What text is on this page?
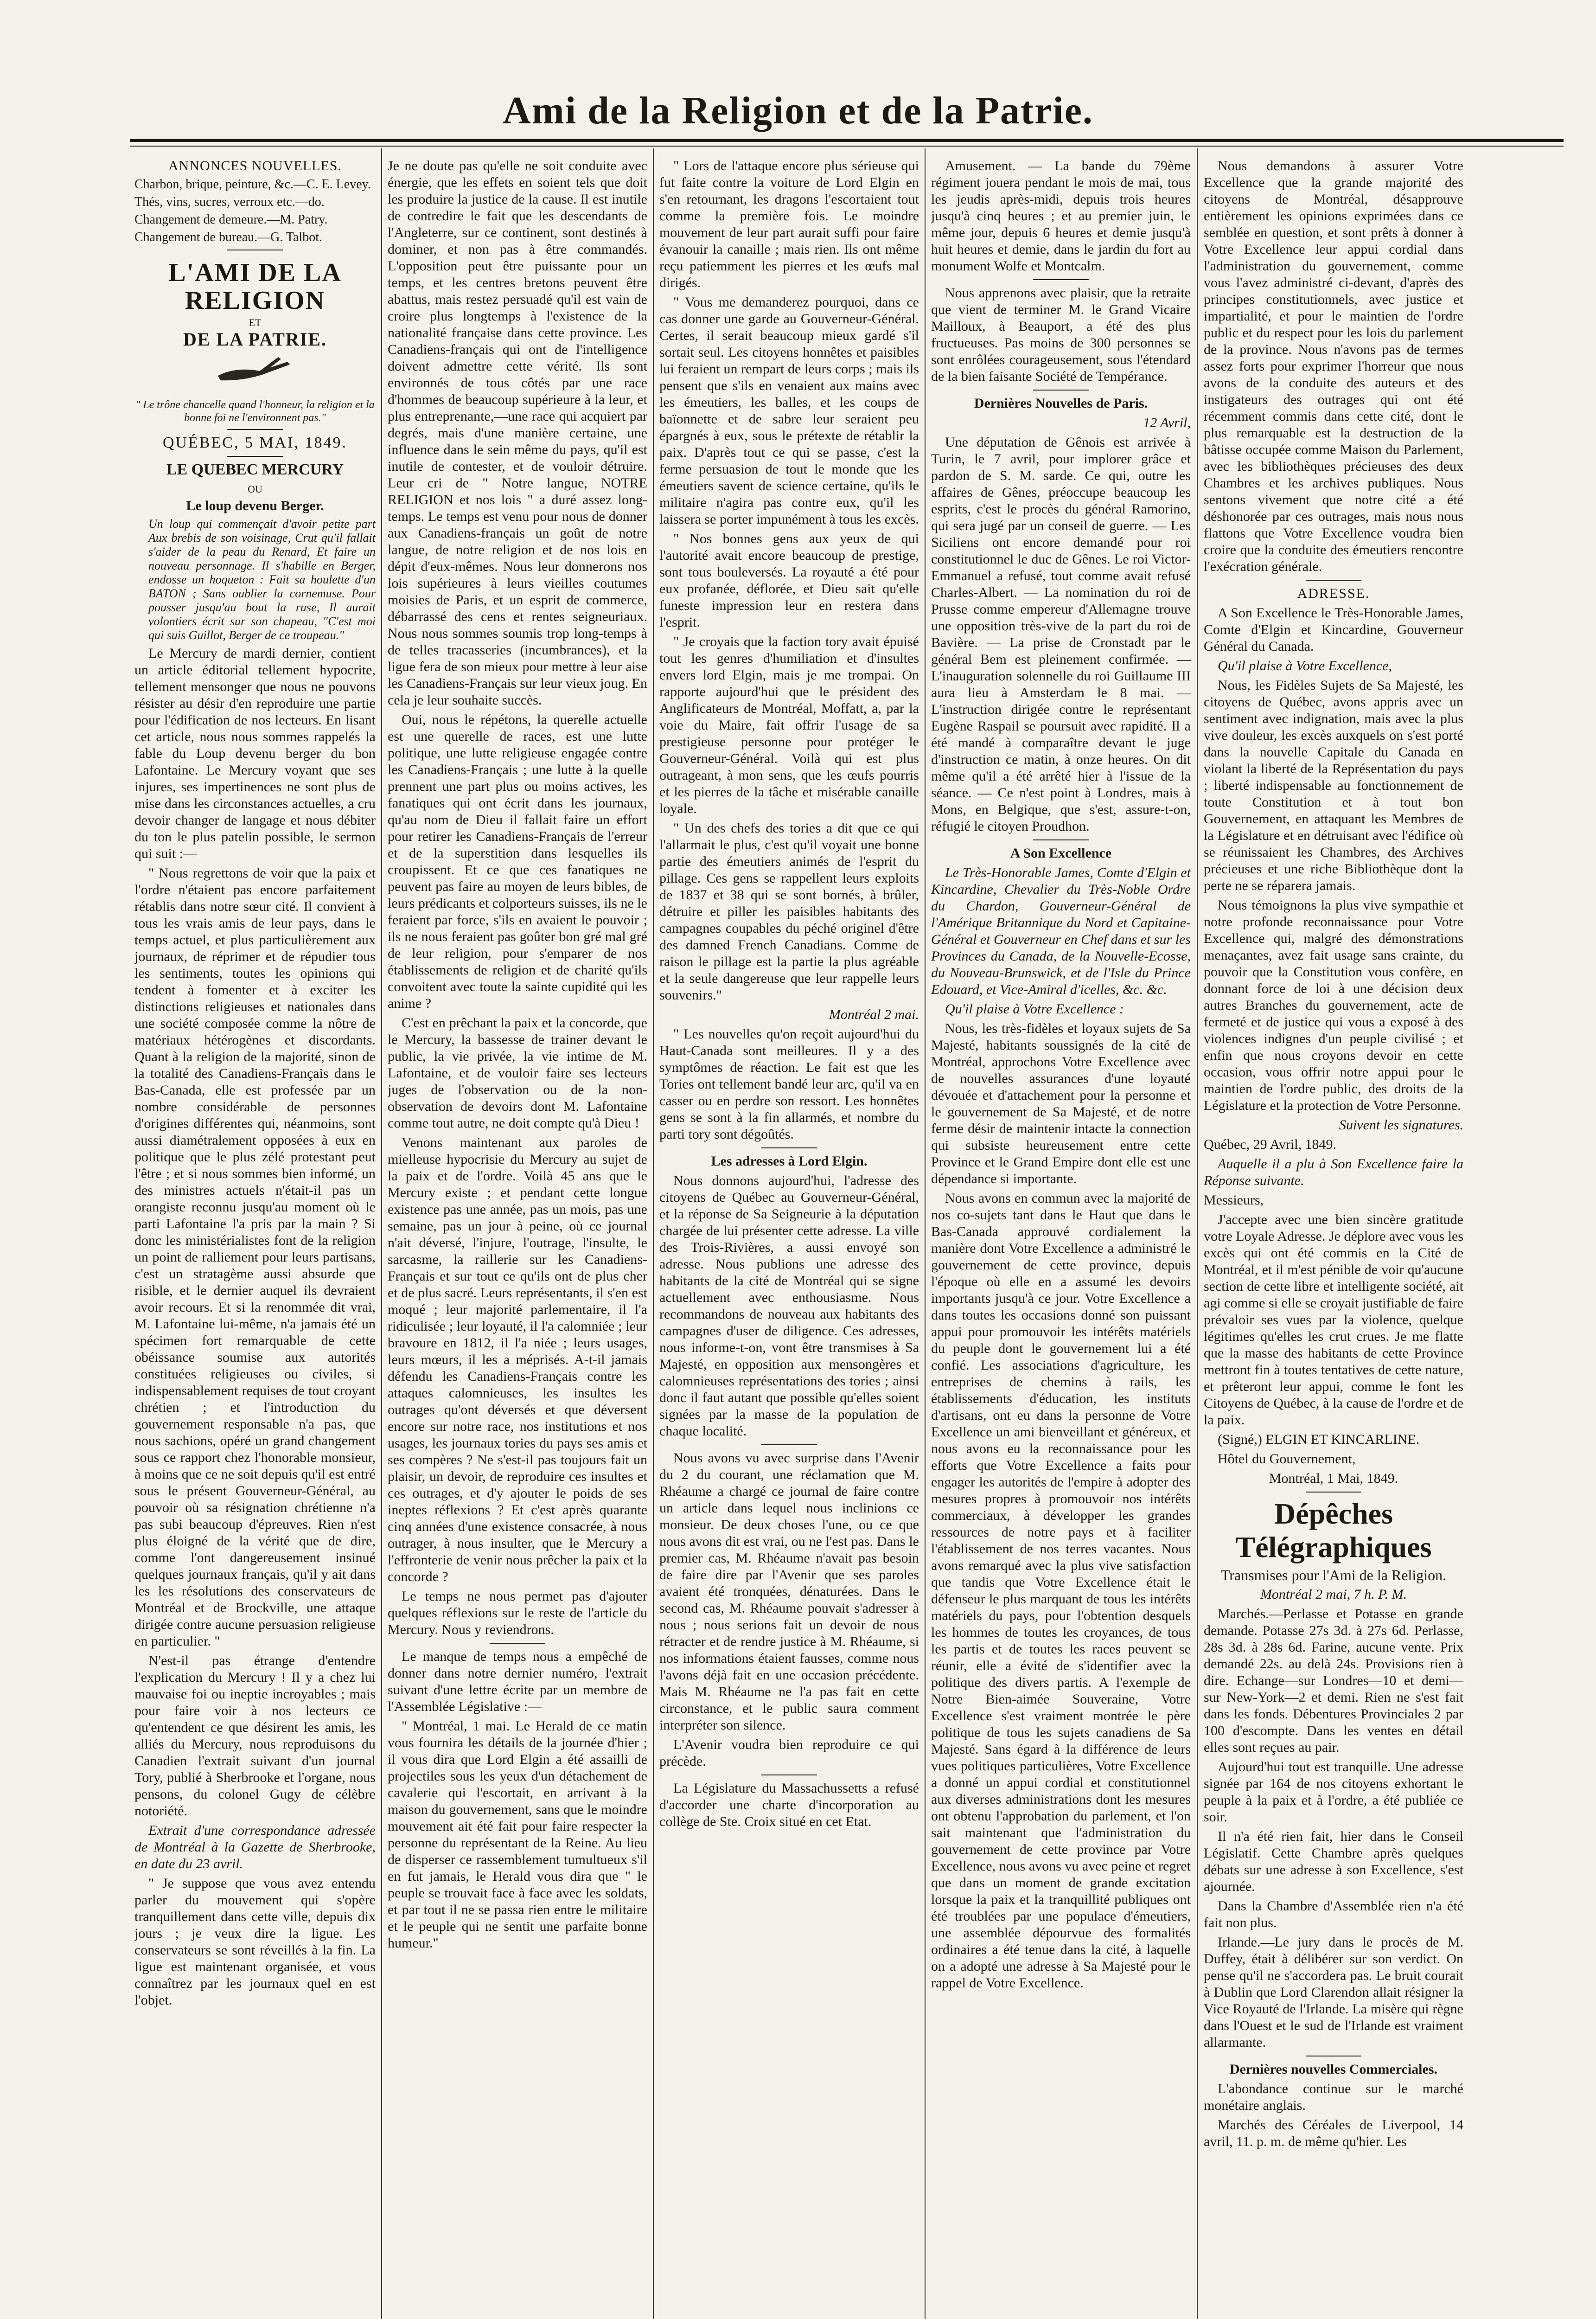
Ami de la Religion et de la Patrie.

ANNONCES NOUVELLES.

Charbon, brique, peinture, &c.—C. E. Levey.

Thés, vins, sucres, verroux etc.—do.

Changement de demeure.—M. Patry.

Changement de bureau.—G. Talbot.

L'AMI DE LA RELIGION
ET
DE LA PATRIE.

" Le trône chancelle quand l'honneur, la religion et la bonne foi ne l'environnent pas."

QUÉBEC, 5 MAI, 1849.

LE QUEBEC MERCURY

OU

Le loup devenu Berger.

Un loup qui commençait d'avoir petite part Aux brebis de son voisinage, Crut qu'il fallait s'aider de la peau du Renard, Et faire un nouveau personnage. Il s'habille en Berger, endosse un hoqueton : Fait sa houlette d'un BATON ; Sans oublier la cornemuse. Pour pousser jusqu'au bout la ruse, Il aurait volontiers écrit sur son chapeau, "C'est moi qui suis Guillot, Berger de ce troupeau."

Le Mercury de mardi dernier, contient un article éditorial tellement hypocrite, tellement mensonger que nous ne pouvons résister au désir d'en reproduire une partie pour l'édification de nos lecteurs. En lisant cet article, nous nous sommes rappelés la fable du Loup devenu berger du bon Lafontaine. Le Mercury voyant que ses injures, ses impertinences ne sont plus de mise dans les circonstances actuelles, a cru devoir changer de langage et nous débiter du ton le plus patelin possible, le sermon qui suit :—

" Nous regrettons de voir que la paix et l'ordre n'étaient pas encore parfaitement rétablis dans notre sœur cité. Il convient à tous les vrais amis de leur pays, dans le temps actuel, et plus particulièrement aux journaux, de réprimer et de répudier tous les sentiments, toutes les opinions qui tendent à fomenter et à exciter les distinctions religieuses et nationales dans une société composée comme la nôtre de matériaux hétérogènes et discordants. Quant à la religion de la majorité, sinon de la totalité des Canadiens-Français dans le Bas-Canada, elle est professée par un nombre considérable de personnes d'origines différentes qui, néanmoins, sont aussi diamétralement opposées à eux en politique que le plus zélé protestant peut l'être ; et si nous sommes bien informé, un des ministres actuels n'était-il pas un orangiste reconnu jusqu'au moment où le parti Lafontaine l'a pris par la main ? Si donc les ministérialistes font de la religion un point de ralliement pour leurs partisans, c'est un stratagème aussi absurde que risible, et le dernier auquel ils devraient avoir recours. Et si la renommée dit vrai, M. Lafontaine lui-même, n'a jamais été un spécimen fort remarquable de cette obéissance soumise aux autorités constituées religieuses ou civiles, si indispensablement requises de tout croyant chrétien ; et l'introduction du gouvernement responsable n'a pas, que nous sachions, opéré un grand changement sous ce rapport chez l'honorable monsieur, à moins que ce ne soit depuis qu'il est entré sous le présent Gouverneur-Général, au pouvoir où sa résignation chrétienne n'a pas subi beaucoup d'épreuves. Rien n'est plus éloigné de la vérité que de dire, comme l'ont dangereusement insinué quelques journaux français, qu'il y ait dans les les résolutions des conservateurs de Montréal et de Brockville, une attaque dirigée contre aucune persuasion religieuse en particulier. "

N'est-il pas étrange d'entendre l'explication du Mercury ! Il y a chez lui mauvaise foi ou ineptie incroyables ; mais pour faire voir à nos lecteurs ce qu'entendent ce que désirent les amis, les alliés du Mercury, nous reproduisons du Canadien l'extrait suivant d'un journal Tory, publié à Sherbrooke et l'organe, nous pensons, du colonel Gugy de célèbre notoriété.

Extrait d'une correspondance adressée de Montréal à la Gazette de Sherbrooke, en date du 23 avril.

" Je suppose que vous avez entendu parler du mouvement qui s'opère tranquillement dans cette ville, depuis dix jours ; je veux dire la ligue. Les conservateurs se sont réveillés à la fin. La ligue est maintenant organisée, et vous connaîtrez par les journaux quel en est l'objet.

Je ne doute pas qu'elle ne soit conduite avec énergie, que les effets en soient tels que doit les produire la justice de la cause. Il est inutile de contredire le fait que les descendants de l'Angleterre, sur ce continent, sont destinés à dominer, et non pas à être commandés. L'opposition peut être puissante pour un temps, et les centres bretons peuvent être abattus, mais restez persuadé qu'il est vain de croire plus longtemps à l'existence de la nationalité française dans cette province. Les Canadiens-français qui ont de l'intelligence doivent admettre cette vérité. Ils sont environnés de tous côtés par une race d'hommes de beaucoup supérieure à la leur, et plus entreprenante,—une race qui acquiert par degrés, mais d'une manière certaine, une influence dans le sein même du pays, qu'il est inutile de contester, et de vouloir détruire. Leur cri de " Notre langue, NOTRE RELIGION et nos lois " a duré assez long-temps. Le temps est venu pour nous de donner aux Canadiens-français un goût de notre langue, de notre religion et de nos lois en dépit d'eux-mêmes. Nous leur donnerons nos lois supérieures à leurs vieilles coutumes moisies de Paris, et un esprit de commerce, débarrassé des cens et rentes seigneuriaux. Nous nous sommes soumis trop long-temps à de telles tracasseries (incumbrances), et la ligue fera de son mieux pour mettre à leur aise les Canadiens-Français sur leur vieux joug. En cela je leur souhaite succès.

Oui, nous le répétons, la querelle actuelle est une querelle de races, est une lutte politique, une lutte religieuse engagée contre les Canadiens-Français ; une lutte à la quelle prennent une part plus ou moins actives, les fanatiques qui ont écrit dans les journaux, qu'au nom de Dieu il fallait faire un effort pour retirer les Canadiens-Français de l'erreur et de la superstition dans lesquelles ils croupissent. Et ce que ces fanatiques ne peuvent pas faire au moyen de leurs bibles, de leurs prédicants et colporteurs suisses, ils ne le feraient par force, s'ils en avaient le pouvoir ; ils ne nous feraient pas goûter bon gré mal gré de leur religion, pour s'emparer de nos établissements de religion et de charité qu'ils convoitent avec toute la sainte cupidité qui les anime ?

C'est en prêchant la paix et la concorde, que le Mercury, la bassesse de trainer devant le public, la vie privée, la vie intime de M. Lafontaine, et de vouloir faire ses lecteurs juges de l'observation ou de la non-observation de devoirs dont M. Lafontaine comme tout autre, ne doit compte qu'à Dieu !

Venons maintenant aux paroles de mielleuse hypocrisie du Mercury au sujet de la paix et de l'ordre. Voilà 45 ans que le Mercury existe ; et pendant cette longue existence pas une année, pas un mois, pas une semaine, pas un jour à peine, où ce journal n'ait déversé, l'injure, l'outrage, l'insulte, le sarcasme, la raillerie sur les Canadiens-Français et sur tout ce qu'ils ont de plus cher et de plus sacré. Leurs représentants, il s'en est moqué ; leur majorité parlementaire, il l'a ridiculisée ; leur loyauté, il l'a calomniée ; leur bravoure en 1812, il l'a niée ; leurs usages, leurs mœurs, il les a méprisés. A-t-il jamais défendu les Canadiens-Français contre les attaques calomnieuses, les insultes les outrages qu'ont déversés et que déversent encore sur notre race, nos institutions et nos usages, les journaux tories du pays ses amis et ses compères ? Ne s'est-il pas toujours fait un plaisir, un devoir, de reproduire ces insultes et ces outrages, et d'y ajouter le poids de ses ineptes réflexions ? Et c'est après quarante cinq années d'une existence consacrée, à nous outrager, à nous insulter, que le Mercury a l'effronterie de venir nous prêcher la paix et la concorde ?

Le temps ne nous permet pas d'ajouter quelques réflexions sur le reste de l'article du Mercury. Nous y reviendrons.

Le manque de temps nous a empêché de donner dans notre dernier numéro, l'extrait suivant d'une lettre écrite par un membre de l'Assemblée Législative :—

" Montréal, 1 mai. Le Herald de ce matin vous fournira les détails de la journée d'hier ; il vous dira que Lord Elgin a été assailli de projectiles sous les yeux d'un détachement de cavalerie qui l'escortait, en arrivant à la maison du gouvernement, sans que le moindre mouvement ait été fait pour faire respecter la personne du représentant de la Reine. Au lieu de disperser ce rassemblement tumultueux s'il en fut jamais, le Herald vous dira que " le peuple se trouvait face à face avec les soldats, et par tout il ne se passa rien entre le militaire et le peuple qui ne sentit une parfaite bonne humeur."

" Lors de l'attaque encore plus sérieuse qui fut faite contre la voiture de Lord Elgin en s'en retournant, les dragons l'escortaient tout comme la première fois. Le moindre mouvement de leur part aurait suffi pour faire évanouir la canaille ; mais rien. Ils ont même reçu patiemment les pierres et les œufs mal dirigés.

" Vous me demanderez pourquoi, dans ce cas donner une garde au Gouverneur-Général. Certes, il serait beaucoup mieux gardé s'il sortait seul. Les citoyens honnêtes et paisibles lui feraient un rempart de leurs corps ; mais ils pensent que s'ils en venaient aux mains avec les émeutiers, les balles, et les coups de baïonnette et de sabre leur seraient peu épargnés à eux, sous le prétexte de rétablir la paix. D'après tout ce qui se passe, c'est la ferme persuasion de tout le monde que les émeutiers savent de science certaine, qu'ils le militaire n'agira pas contre eux, qu'il les laissera se porter impunément à tous les excès.

" Nos bonnes gens aux yeux de qui l'autorité avait encore beaucoup de prestige, sont tous bouleversés. La royauté a été pour eux profanée, déflorée, et Dieu sait qu'elle funeste impression leur en restera dans l'esprit.

" Je croyais que la faction tory avait épuisé tout les genres d'humiliation et d'insultes envers lord Elgin, mais je me trompai. On rapporte aujourd'hui que le président des Anglificateurs de Montréal, Moffatt, a, par la voie du Maire, fait offrir l'usage de sa prestigieuse personne pour protéger le Gouverneur-Général. Voilà qui est plus outrageant, à mon sens, que les œufs pourris et les pierres de la tâche et misérable canaille loyale.

" Un des chefs des tories a dit que ce qui l'allarmait le plus, c'est qu'il voyait une bonne partie des émeutiers animés de l'esprit du pillage. Ces gens se rappellent leurs exploits de 1837 et 38 qui se sont bornés, à brûler, détruire et piller les paisibles habitants des campagnes coupables du péché originel d'être des damned French Canadians. Comme de raison le pillage est la partie la plus agréable et la seule dangereuse que leur rappelle leurs souvenirs."

Montréal 2 mai.

" Les nouvelles qu'on reçoit aujourd'hui du Haut-Canada sont meilleures. Il y a des symptômes de réaction. Le fait est que les Tories ont tellement bandé leur arc, qu'il va en casser ou en perdre son ressort. Les honnêtes gens se sont à la fin allarmés, et nombre du parti tory sont dégoûtés.

Les adresses à Lord Elgin.

Nous donnons aujourd'hui, l'adresse des citoyens de Québec au Gouverneur-Général, et la réponse de Sa Seigneurie à la députation chargée de lui présenter cette adresse. La ville des Trois-Rivières, a aussi envoyé son adresse. Nous publions une adresse des habitants de la cité de Montréal qui se signe actuellement avec enthousiasme. Nous recommandons de nouveau aux habitants des campagnes d'user de diligence. Ces adresses, nous informe-t-on, vont être transmises à Sa Majesté, en opposition aux mensongères et calomnieuses représentations des tories ; ainsi donc il faut autant que possible qu'elles soient signées par la masse de la population de chaque localité.

Nous avons vu avec surprise dans l'Avenir du 2 du courant, une réclamation que M. Rhéaume a chargé ce journal de faire contre un article dans lequel nous inclinions ce monsieur. De deux choses l'une, ou ce que nous avons dit est vrai, ou ne l'est pas. Dans le premier cas, M. Rhéaume n'avait pas besoin de faire dire par l'Avenir que ses paroles avaient été tronquées, dénaturées. Dans le second cas, M. Rhéaume pouvait s'adresser à nous ; nous serions fait un devoir de nous rétracter et de rendre justice à M. Rhéaume, si nos informations étaient fausses, comme nous l'avons déjà fait en une occasion précédente. Mais M. Rhéaume ne l'a pas fait en cette circonstance, et le public saura comment interpréter son silence.

L'Avenir voudra bien reproduire ce qui précède.

La Législature du Massachussetts a refusé d'accorder une charte d'incorporation au collège de Ste. Croix situé en cet Etat.

Amusement. — La bande du 79ème régiment jouera pendant le mois de mai, tous les jeudis après-midi, depuis trois heures jusqu'à cinq heures ; et au premier juin, le même jour, depuis 6 heures et demie jusqu'à huit heures et demie, dans le jardin du fort au monument Wolfe et Montcalm.

Nous apprenons avec plaisir, que la retraite que vient de terminer M. le Grand Vicaire Mailloux, à Beauport, a été des plus fructueuses. Pas moins de 300 personnes se sont enrôlées courageusement, sous l'étendard de la bien faisante Société de Tempérance.

Dernières Nouvelles de Paris.

12 Avril,

Une députation de Gênois est arrivée à Turin, le 7 avril, pour implorer grâce et pardon de S. M. sarde. Ce qui, outre les affaires de Gênes, préoccupe beaucoup les esprits, c'est le procès du général Ramorino, qui sera jugé par un conseil de guerre. — Les Siciliens ont encore demandé pour roi constitutionnel le duc de Gênes. Le roi Victor-Emmanuel a refusé, tout comme avait refusé Charles-Albert. — La nomination du roi de Prusse comme empereur d'Allemagne trouve une opposition très-vive de la part du roi de Bavière. — La prise de Cronstadt par le général Bem est pleinement confirmée. — L'inauguration solennelle du roi Guillaume III aura lieu à Amsterdam le 8 mai. — L'instruction dirigée contre le représentant Eugène Raspail se poursuit avec rapidité. Il a été mandé à comparaître devant le juge d'instruction ce matin, à onze heures. On dit même qu'il a été arrêté hier à l'issue de la séance. — Ce n'est point à Londres, mais à Mons, en Belgique, que s'est, assure-t-on, réfugié le citoyen Proudhon.

A Son Excellence

Le Très-Honorable James, Comte d'Elgin et Kincardine, Chevalier du Très-Noble Ordre du Chardon, Gouverneur-Général de l'Amérique Britannique du Nord et Capitaine-Général et Gouverneur en Chef dans et sur les Provinces du Canada, de la Nouvelle-Ecosse, du Nouveau-Brunswick, et de l'Isle du Prince Edouard, et Vice-Amiral d'icelles, &c. &c.

Qu'il plaise à Votre Excellence :

Nous, les très-fidèles et loyaux sujets de Sa Majesté, habitants soussignés de la cité de Montréal, approchons Votre Excellence avec de nouvelles assurances d'une loyauté dévouée et d'attachement pour la personne et le gouvernement de Sa Majesté, et de notre ferme désir de maintenir intacte la connection qui subsiste heureusement entre cette Province et le Grand Empire dont elle est une dépendance si importante.

Nous avons en commun avec la majorité de nos co-sujets tant dans le Haut que dans le Bas-Canada approuvé cordialement la manière dont Votre Excellence a administré le gouvernement de cette province, depuis l'époque où elle en a assumé les devoirs importants jusqu'à ce jour. Votre Excellence a dans toutes les occasions donné son puissant appui pour promouvoir les intérêts matériels du peuple dont le gouvernement lui a été confié. Les associations d'agriculture, les entreprises de chemins à rails, les établissements d'éducation, les instituts d'artisans, ont eu dans la personne de Votre Excellence un ami bienveillant et généreux, et nous avons eu la reconnaissance pour les efforts que Votre Excellence a faits pour engager les autorités de l'empire à adopter des mesures propres à promouvoir nos intérêts commerciaux, à développer les grandes ressources de notre pays et à faciliter l'établissement de nos terres vacantes. Nous avons remarqué avec la plus vive satisfaction que tandis que Votre Excellence était le défenseur le plus marquant de tous les intérêts matériels du pays, pour l'obtention desquels les hommes de toutes les croyances, de tous les partis et de toutes les races peuvent se réunir, elle a évité de s'identifier avec la politique des divers partis. A l'exemple de Notre Bien-aimée Souveraine, Votre Excellence s'est vraiment montrée le père politique de tous les sujets canadiens de Sa Majesté. Sans égard à la différence de leurs vues politiques particulières, Votre Excellence a donné un appui cordial et constitutionnel aux diverses administrations dont les mesures ont obtenu l'approbation du parlement, et l'on sait maintenant que l'administration du gouvernement de cette province par Votre Excellence, nous avons vu avec peine et regret que dans un moment de grande excitation lorsque la paix et la tranquillité publiques ont été troublées par une populace d'émeutiers, une assemblée dépourvue des formalités ordinaires a été tenue dans la cité, à laquelle on a adopté une adresse à Sa Majesté pour le rappel de Votre Excellence.

Nous demandons à assurer Votre Excellence que la grande majorité des citoyens de Montréal, désapprouve entièrement les opinions exprimées dans ce semblée en question, et sont prêts à donner à Votre Excellence leur appui cordial dans l'administration du gouvernement, comme vous l'avez administré ci-devant, d'après des principes constitutionnels, avec justice et impartialité, et pour le maintien de l'ordre public et du respect pour les lois du parlement de la province. Nous n'avons pas de termes assez forts pour exprimer l'horreur que nous avons de la conduite des auteurs et des instigateurs des outrages qui ont été récemment commis dans cette cité, dont le plus remarquable est la destruction de la bâtisse occupée comme Maison du Parlement, avec les bibliothèques précieuses des deux Chambres et les archives publiques. Nous sentons vivement que notre cité a été déshonorée par ces outrages, mais nous nous flattons que Votre Excellence voudra bien croire que la conduite des émeutiers rencontre l'exécration générale.

ADRESSE.

A Son Excellence le Très-Honorable James, Comte d'Elgin et Kincardine, Gouverneur Général du Canada.

Qu'il plaise à Votre Excellence,

Nous, les Fidèles Sujets de Sa Majesté, les citoyens de Québec, avons appris avec un sentiment avec indignation, mais avec la plus vive douleur, les excès auxquels on s'est porté dans la nouvelle Capitale du Canada en violant la liberté de la Représentation du pays ; liberté indispensable au fonctionnement de toute Constitution et à tout bon Gouvernement, en attaquant les Membres de la Législature et en détruisant avec l'édifice où se réunissaient les Chambres, des Archives précieuses et une riche Bibliothèque dont la perte ne se réparera jamais.

Nous témoignons la plus vive sympathie et notre profonde reconnaissance pour Votre Excellence qui, malgré des démonstrations menaçantes, avez fait usage sans crainte, du pouvoir que la Constitution vous confère, en donnant force de loi à une décision deux autres Branches du gouvernement, acte de fermeté et de justice qui vous a exposé à des violences indignes d'un peuple civilisé ; et enfin que nous croyons devoir en cette occasion, vous offrir notre appui pour le maintien de l'ordre public, des droits de la Législature et la protection de Votre Personne.

Suivent les signatures.

Québec, 29 Avril, 1849.

Auquelle il a plu à Son Excellence faire la Réponse suivante.

Messieurs,

J'accepte avec une bien sincère gratitude votre Loyale Adresse. Je déplore avec vous les excès qui ont été commis en la Cité de Montréal, et il m'est pénible de voir qu'aucune section de cette libre et intelligente société, ait agi comme si elle se croyait justifiable de faire prévaloir ses vues par la violence, quelque légitimes qu'elles les crut crues. Je me flatte que la masse des habitants de cette Province mettront fin à toutes tentatives de cette nature, et prêteront leur appui, comme le font les Citoyens de Québec, à la cause de l'ordre et de la paix.

(Signé,) ELGIN ET KINCARLINE.

Hôtel du Gouvernement,

Montréal, 1 Mai, 1849.

Dépêches Télégraphiques

Transmises pour l'Ami de la Religion.

Montréal 2 mai, 7 h. P. M.

Marchés.—Perlasse et Potasse en grande demande. Potasse 27s 3d. à 27s 6d. Perlasse, 28s 3d. à 28s 6d. Farine, aucune vente. Prix demandé 22s. au delà 24s. Provisions rien à dire. Echange—sur Londres—10 et demi—sur New-York—2 et demi. Rien ne s'est fait dans les fonds. Débentures Provinciales 2 par 100 d'escompte. Dans les ventes en détail elles sont reçues au pair.

Aujourd'hui tout est tranquille. Une adresse signée par 164 de nos citoyens exhortant le peuple à la paix et à l'ordre, a été publiée ce soir.

Il n'a été rien fait, hier dans le Conseil Législatif. Cette Chambre après quelques débats sur une adresse à son Excellence, s'est ajournée.

Dans la Chambre d'Assemblée rien n'a été fait non plus.

Irlande.—Le jury dans le procès de M. Duffey, était à délibérer sur son verdict. On pense qu'il ne s'accordera pas. Le bruit courait à Dublin que Lord Clarendon allait résigner la Vice Royauté de l'Irlande. La misère qui règne dans l'Ouest et le sud de l'Irlande est vraiment allarmante.

Dernières nouvelles Commerciales.

L'abondance continue sur le marché monétaire anglais.

Marchés des Céréales de Liverpool, 14 avril, 11. p. m. de même qu'hier. Les
